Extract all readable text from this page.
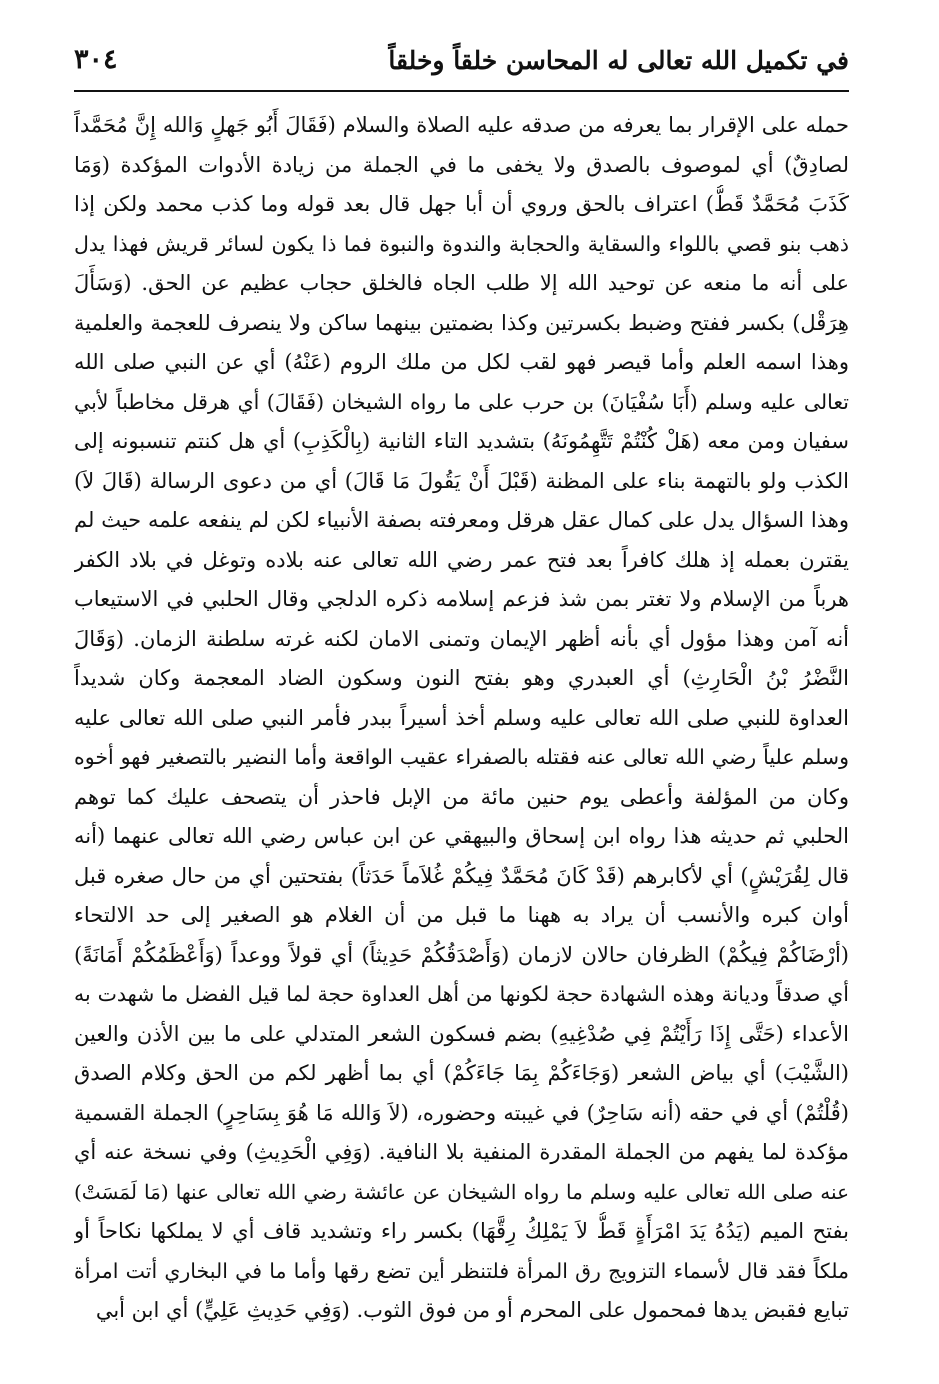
في تكميل الله تعالى له المحاسن خلقاً وخلقاً
٣٠٤
حمله على الإقرار بما يعرفه من صدقه عليه الصلاة والسلام (فَقَالَ أَبُو جَهلٍ وَالله إِنَّ مُحَمَّداً
لصادِقٌ) أي لموصوف بالصدق ولا يخفى ما في الجملة من زيادة الأدوات المؤكدة (وَمَا
كَذَبَ مُحَمَّدٌ قَطُّ) اعتراف بالحق وروي أن أبا جهل قال بعد قوله وما كذب محمد ولكن إذا
ذهب بنو قصي باللواء والسقاية والحجابة والندوة والنبوة فما ذا يكون لسائر قريش فهذا يدل
على أنه ما منعه عن توحيد الله إلا طلب الجاه فالخلق حجاب عظيم عن الحق. (وَسَأَلَ
هِرَقْل) بكسر ففتح وضبط بكسرتين وكذا بضمتين بينهما ساكن ولا ينصرف للعجمة والعلمية
وهذا اسمه العلم وأما قيصر فهو لقب لكل من ملك الروم (عَنْهُ) أي عن النبي صلى الله
تعالى عليه وسلم (أَبَا سُفْيَانَ) بن حرب على ما رواه الشيخان (فَقَالَ) أي هرقل مخاطباً لأبي
سفيان ومن معه (هَلْ كُنْتُمْ تَتَّهِمُونَهُ) بتشديد التاء الثانية (بِالْكَذِبِ) أي هل كنتم تنسبونه إلى
الكذب ولو بالتهمة بناء على المظنة (قَبْلَ أَنْ يَقُولَ مَا قَالَ) أي من دعوى الرسالة (قَالَ لاَ)
وهذا السؤال يدل على كمال عقل هرقل ومعرفته بصفة الأنبياء لكن لم ينفعه علمه حيث لم
يقترن بعمله إذ هلك كافراً بعد فتح عمر رضي الله تعالى عنه بلاده وتوغل في بلاد الكفر
هرباً من الإسلام ولا تغتر بمن شذ فزعم إسلامه ذكره الدلجي وقال الحلبي في الاستيعاب
أنه آمن وهذا مؤول أي بأنه أظهر الإيمان وتمنى الامان لكنه غرته سلطنة الزمان. (وَقَالَ
النَّضْرُ بْنُ الْحَارِثِ) أي العبدري وهو بفتح النون وسكون الضاد المعجمة وكان شديداً
العداوة للنبي صلى الله تعالى عليه وسلم أخذ أسيراً ببدر فأمر النبي صلى الله تعالى عليه
وسلم علياً رضي الله تعالى عنه فقتله بالصفراء عقيب الواقعة وأما النضير بالتصغير فهو أخوه
وكان من المؤلفة وأعطى يوم حنين مائة من الإبل فاحذر أن يتصحف عليك كما توهم
الحلبي ثم حديثه هذا رواه ابن إسحاق والبيهقي عن ابن عباس رضي الله تعالى عنهما (أنه
قال لِقُرَيْشٍ) أي لأكابرهم (قَدْ كَانَ مُحَمَّدٌ فِيكُمْ غُلاَماً حَدَثاً) بفتحتين أي من حال صغره قبل
أوان كبره والأنسب أن يراد به ههنا ما قبل من أن الغلام هو الصغير إلى حد الالتحاء
(أرْضَاكُمْ فِيكُمْ) الظرفان حالان لازمان (وَأَصْدَقُكُمْ حَدِيثاً) أي قولاً ووعداً (وَأَعْظَمُكُمْ أَمَانَةً)
أي صدقاً وديانة وهذه الشهادة حجة لكونها من أهل العداوة حجة لما قيل الفضل ما شهدت به
الأعداء (حَتَّى إِذَا رَأَيْتُمْ فِي صُدْغِيهِ) بضم فسكون الشعر المتدلي على ما بين الأذن والعين
(الشَّيْبَ) أي بياض الشعر (وَجَاءَكُمْ بِمَا جَاءَكُمْ) أي بما أظهر لكم من الحق وكلام الصدق
(قُلْتُمْ) أي في حقه (أنه سَاحِرٌ) في غيبته وحضوره، (لاَ وَالله مَا هُوَ بِسَاحِرٍ) الجملة القسمية
مؤكدة لما يفهم من الجملة المقدرة المنفية بلا النافية. (وَفِي الْحَدِيثِ) وفي نسخة عنه أي
عنه صلى الله تعالى عليه وسلم ما رواه الشيخان عن عائشة رضي الله تعالى عنها (مَا لَمَسَتْ)
بفتح الميم (يَدُهُ يَدَ امْرَأَةٍ قَطُّ لاَ يَمْلِكُ رِقَّهَا) بكسر راء وتشديد قاف أي لا يملكها نكاحاً أو
ملكاً فقد قال لأسماء التزويج رق المرأة فلتنظر أين تضع رقها وأما ما في البخاري أتت امرأة
تبايع فقبض يدها فمحمول على المحرم أو من فوق الثوب. (وَفِي حَدِيثِ عَلِيٍّ) أي ابن أبي
